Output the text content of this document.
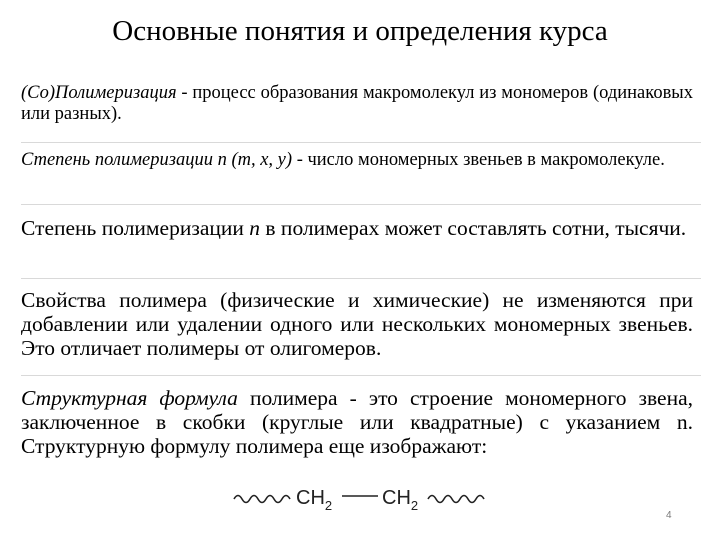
Основные понятия и определения курса

(Со)Полимеризация - процесс образования макромолекул из мономеров (одинаковых или разных).

Степень полимеризации n (m, x, y) - число мономерных звеньев в макромолекуле.

Степень полимеризации n в полимерах может составлять сотни, тысячи.

Свойства полимера (физические и химические) не изменяются при добавлении или удалении одного или нескольких мономерных звеньев. Это отличает полимеры от олигомеров.

Структурная формула полимера - это строение мономерного звена, заключенное в скобки (круглые или квадратные) с указанием n. Структурную формулу полимера еще изображают:

$CH_2$ $CH_2$
4
